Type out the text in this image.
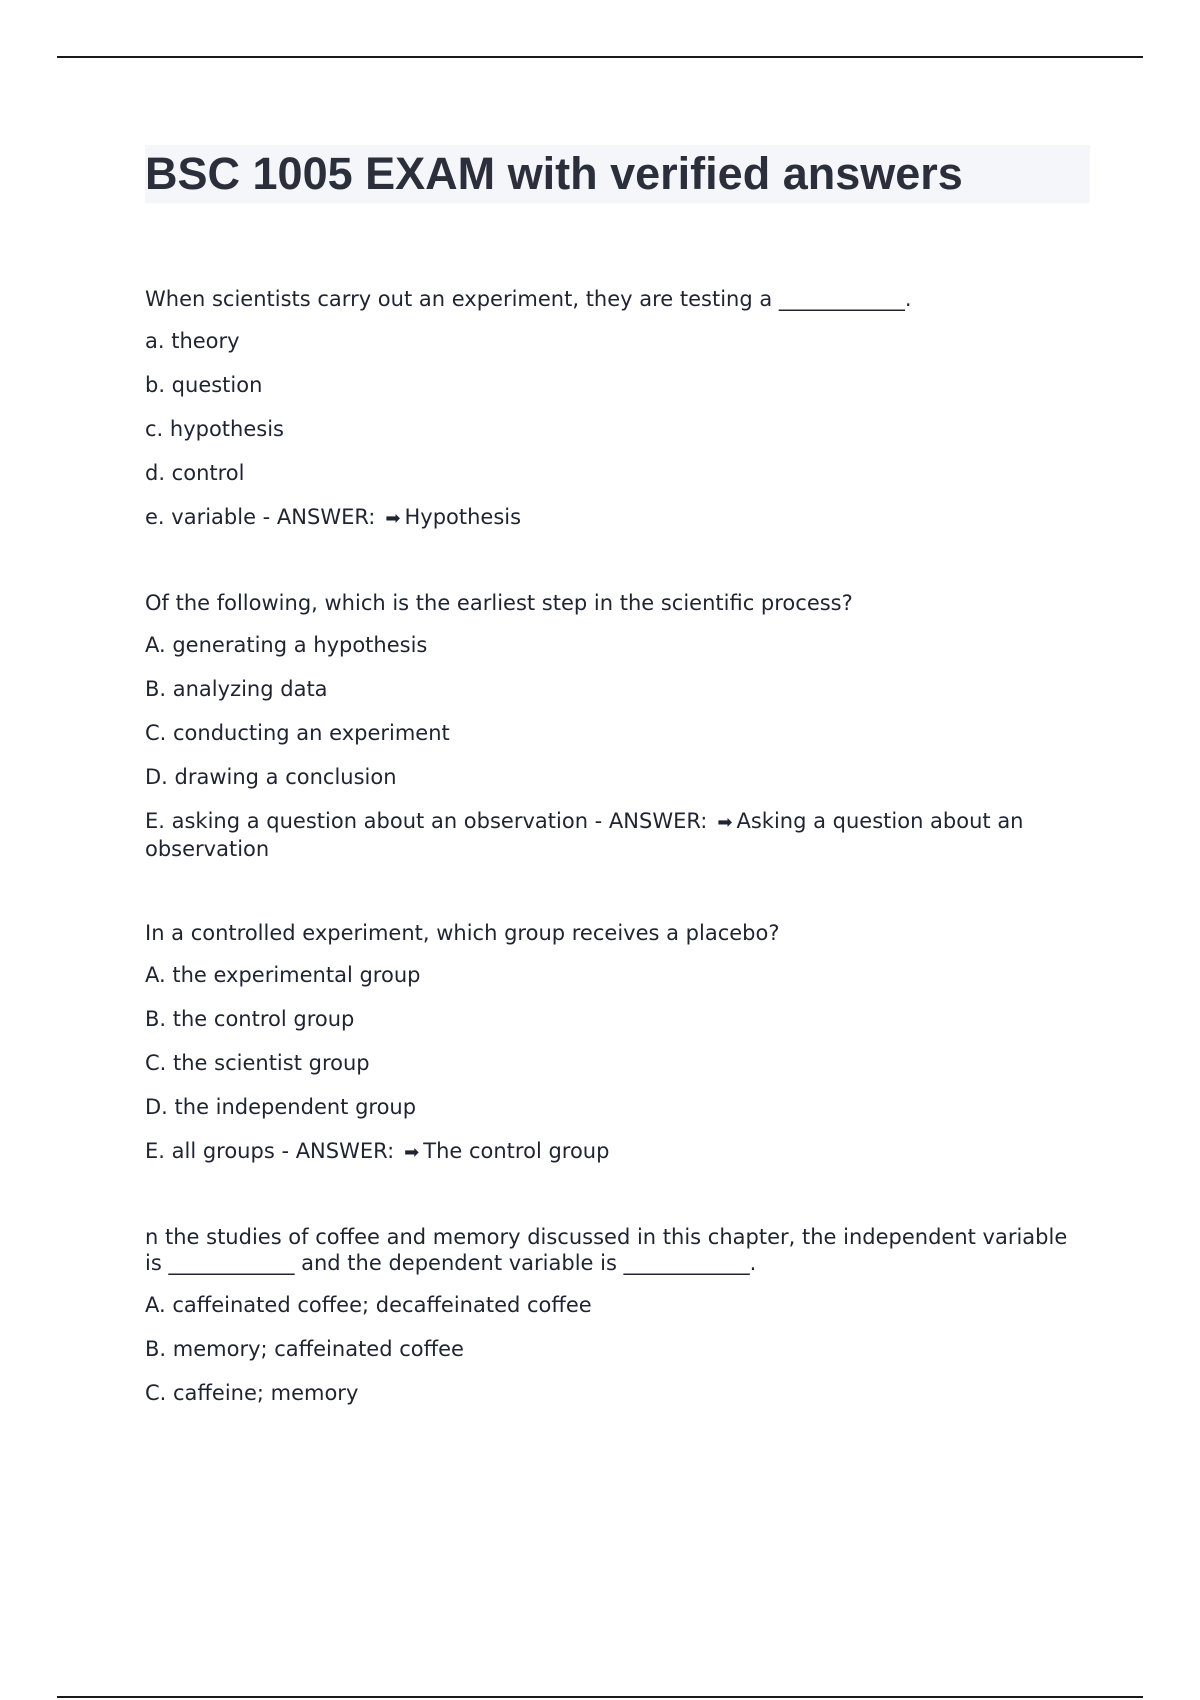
BSC 1005 EXAM with verified answers

When scientists carry out an experiment, they are testing a ____________.

a. theory

b. question

c. hypothesis

d. control

e. variable - ANSWER: ➡ Hypothesis

Of the following, which is the earliest step in the scientific process?

A. generating a hypothesis

B. analyzing data

C. conducting an experiment

D. drawing a conclusion

E. asking a question about an observation - ANSWER: ➡ Asking a question about an observation

In a controlled experiment, which group receives a placebo?

A. the experimental group

B. the control group

C. the scientist group

D. the independent group

E. all groups - ANSWER: ➡ The control group

n the studies of coffee and memory discussed in this chapter, the independent variable is ____________ and the dependent variable is ____________.

A. caffeinated coffee; decaffeinated coffee

B. memory; caffeinated coffee

C. caffeine; memory
